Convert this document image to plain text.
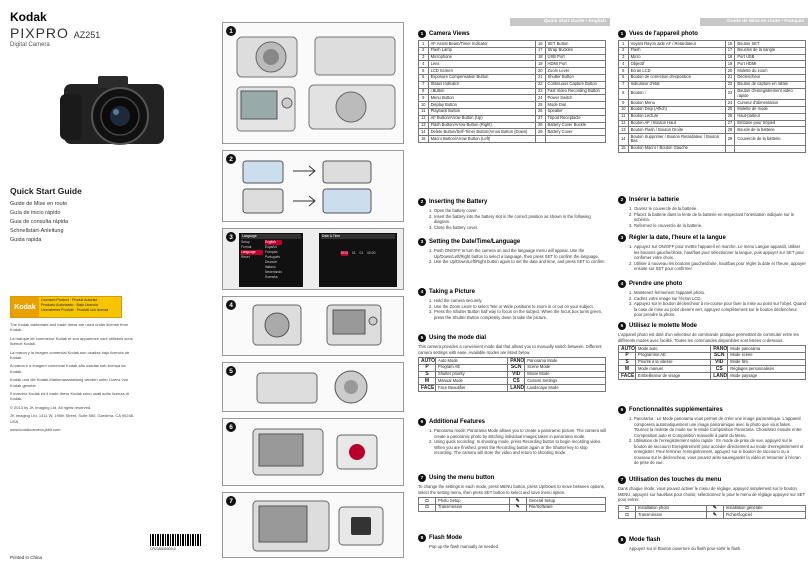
Kodak
PIXPRO AZ251
Digital Camera
Quick Start Guide
Guide de Mise en route
Guía de inicio rápido
Guia de consulta rápida
Schnellstart-Anleitung
Guida rapida
Kodak
Licensed Product · Produit Autorisé
Producto Autorizado · Bajo Licencia
Lizenziertes Produkt · Prodotti con licenza

The Kodak trademark and trade dress are used under license from Kodak.

La marque de commerce Kodak et son apparence sont utilisées sous licence Kodak.

La marca y la imagen comercial Kodak son usadas bajo licencia de Kodak.

A marca e a imagem comercial Kodak são usadas sob licença da Kodak.

Kodak und die Kodak-Markenausstattung werden unter Lizenz von Kodak genutzt.

Il marchio Kodak ed il trade dress Kodak sono usati sotto licenza di Kodak.

© 2013 by JK Imaging Ltd. All rights reserved.

JK Imaging Ltd. 1411 W. 190th Street, Suite 550, Gardena, CA 90248, USA

www.kodakcamera.jkltd.com

CR236000009-0
Printed in China
1
2
3	Language
Setup
Format
Language
Reset
English
Español
Français
Português
Deutsch
Italiano
Nederlands
Svenska
Date & Time
2013 01 01 00:00
4
5
6
7
Quick Start Guide • English
1 Camera Views
1	AF Assist Beam/Timer Indicator	16	SET Button
2	Flash Lamp	17	Strap Buckles
3	Microphone	18	USB Port
4	Lens	19	HDMI Port
5	LCD Screen	20	Zoom Lever
6	Exposure Compensation Button	21	Shutter Button
7	Status Indicator	22	Continuous Capture Button
8	i Button	23	Fast Video Recording Button
9	Menu Button	24	Power Switch
10	Display Button	25	Mode Dial
11	Playback Button	26	Speaker
12	AF Button/Arrow Button (Up)	27	Tripod Receptacle
13	Flash Button/Arrow Button (Right)	28	Battery Cover Buckle
14	Delete Button/Self-Timer Button/Arrow Button (Down)	29	Battery Cover
15	Macro Button/Arrow Button (Left)		
2 Inserting the Battery
1. Open the battery cover.
2. Insert the battery into the battery slot in the correct position as shown in the following diagram.
3. Close the battery cover.
3 Setting the Date/Time/Language
1. Push ON/OFF to turn the camera on and the language menu will appear. Use the Up/Down/Left/Right button to select a language, then press SET to confirm the language.
2. Use the Up/Down/Left/Right button again to set the date and time, and press SET to confirm.
4 Taking a Picture
1. Hold the camera securely.
2. Use the Zoom Lever to select Tele or Wide positions to zoom in or out on your subject.
3. Press the Shutter Button half way to focus on the subject. When the focus box turns green, press the Shutter Button completely down to take the picture.
5 Using the mode dial
This camera provides a convenient mode dial that allows you to manually switch between. Different camera settings with ease. Available modes are listed below.
AUTO	Auto Mode	PANO	Panorama Mode
P	Program AE	SCN	Scene Mode
S	Shutter priority	VID	Movie Mode
M	Manual Mode	CS	Custom Settings
FACE	Face Beautifier	LAND	Landscape Mode
6 Additional Features
1. Panorama mode: Panorama Mode allows you to create a panoramic picture. The camera will create a panoramic photo by stitching individual images taken in panorama mode.
2. Using quick recording: In shooting mode, press Recording button to begin recording video. When you are finished, press the Recording button again or the Shutter key to stop recording. The camera will store the video and return to shooting mode.
7 Using the menu button
To change the settings in each mode, press MENU button, press Up/Down to move between options, select the setting menu, then press SET button to select and save menu option.
◘	Photo Setup	✎	General Setup
◘	Transmission	✎	File/Software
8 Flash Mode
Pop up the flash manually as needed.
Guide de Mise en route • Français
1 Vues de l'appareil photo
1	Voyant Rayon aide AF / Retardateur	16	Bouton SET
2	Flash	17	Boucles de la sangle
3	Micro	18	Port USB
4	Objectif	19	Port HDMI
5	Ecran LCD	20	Molette du zoom
6	Bouton de correction d'exposition	21	Déclencheur
7	Indicateur d'état	22	Bouton de capture en rafale
8	Bouton i	23	Bouton d'enregistrement vidéo rapide
9	Bouton Menu	24	Curseur d'alimentation
10	Bouton Disp (Affich)	25	Molette de mode
11	Bouton Lecture	26	Haut-parleur
12	Bouton AF / Bouton Haut	27	Embase pour trépied
13	Bouton Flash / Bouton Droite	28	Boucle de la batterie
14	Bouton Supprimer / Bouton Retardateur / Bouton Bas	29	Couvercle de la batterie
15	Bouton Macro / Bouton Gauche		
2 Insérer la batterie
1. Ouvrez le couvercle de la batterie.
2. Placez la batterie dans la fente de la batterie en respectant l'orientation indiquée sur le schéma.
3. Refermez le couvercle de la batterie.
3 Régler la date, l'heure et la langue
1. Appuyez sur ON/OFF pour mettre l'appareil en marche. Le menu Langue apparaît, utiliser les boutons gauche/droite, haut/bas pour sélectionner la langue, puis appuyer sur SET pour confirmer votre choix.
2. Utiliser à nouveau les boutons gauche/droite, haut/bas pour régler la date et l'heure, appuyer ensuite sur SET pour confirmer.
4 Prendre une photo
1. Maintenez fermement l'appareil photo.
2. Cadrez votre image sur l'écran LCD.
3. Appuyez sur le bouton déclencheur à mi-course pour faire la mise au point sur l'objet. Quand la case de mise au point devient vert, appuyez complètement sur le bouton déclencheur pour prendre la photo.
5 Utilisez le molette Mode
L'appareil photo est doté d'un sélecteur de commande pratique permettant de commuter entre les différents modes avec facilité. Toutes les commandes disponibles sont listées ci-dessous.
AUTO	Mode auto	PANO	Mode panorama
P	Programme AE	SCN	Mode scène
S	Priorité à la vitesse	VID	Mode film
M	Mode manuel	CS	Réglages personnalisés
FACE	Embellisseur de visage	LAND	Mode paysage
6 Fonctionnalités supplémentaires
1. Panorama : Le Mode panorama vous permet de créer une image panoramique. L'appareil composera automatiquement une image panoramique avec la photo que vous faites. Tournez la molette de mode sur le Mode Composition Panorama. Choisissez ensuite entre Composition auto et Composition manuelle à partir du Menu.
2. Utilisation de l'enregistrement vidéo rapide : En mode de prise de vue, appuyez sur le bouton de raccourci Enregistrement pour accéder directement au mode d'enregistrement et enregistrer. Pour terminer l'enregistrement, appuyez sur le bouton de raccourci ou à nouveau sur le déclencheur, vous pouvez ainsi sauvegarder la vidéo et retourner à l'écran de prise de vue.
7 Utilisation des touches du menu
Dans chaque mode, vous pouvez activer le menu de réglage, appuyez simplement sur le bouton MENU, appuyez sur haut/bas pour choisir, sélectionnez le pour le menu de réglage appuyez sur SET pour entrer.
◘	Installation photo	✎	Installation générale
◘	Transmission	✎	Fichier/logiciel
8 Mode flash
Appuyez sur le Bouton ouverture du flash pour sortir le flash.
